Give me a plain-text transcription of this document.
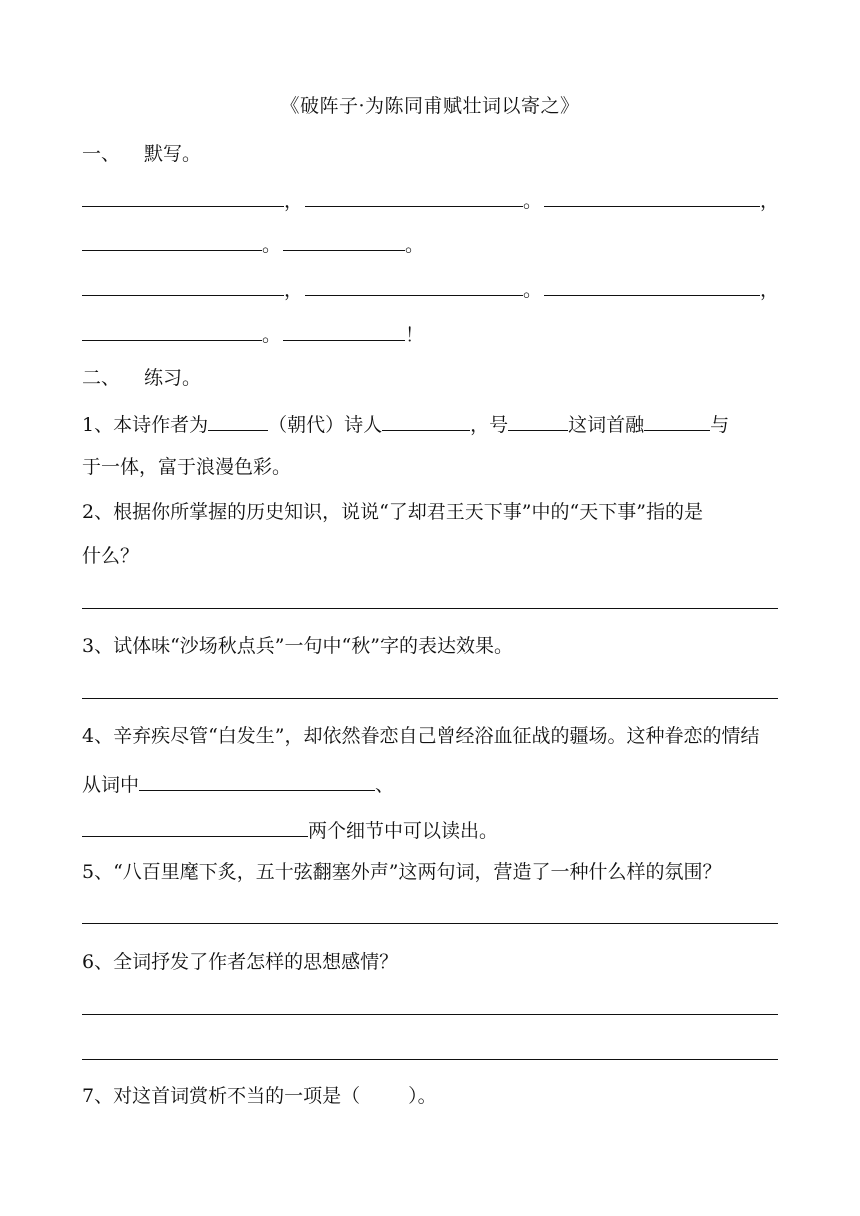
《破阵子·为陈同甫赋壮词以寄之》
一、 默写。
，	。	，
。	。
，	。	，
。	！
二、 练习。
1、本诗作者为	（朝代）诗人	，号	这词首融	与
于一体，富于浪漫色彩。
2、根据你所掌握的历史知识，说说“了却君王天下事”中的“天下事”指的是
什么？
3、试体味“沙场秋点兵”一句中“秋”字的表达效果。
4、辛弃疾尽管“白发生”，却依然眷恋自己曾经浴血征战的疆场。这种眷恋的情结
从词中	、
两个细节中可以读出。
5、“八百里麾下炙，五十弦翻塞外声”这两句词，营造了一种什么样的氛围？
6、全词抒发了作者怎样的思想感情？
7、对这首词赏析不当的一项是（	）。
